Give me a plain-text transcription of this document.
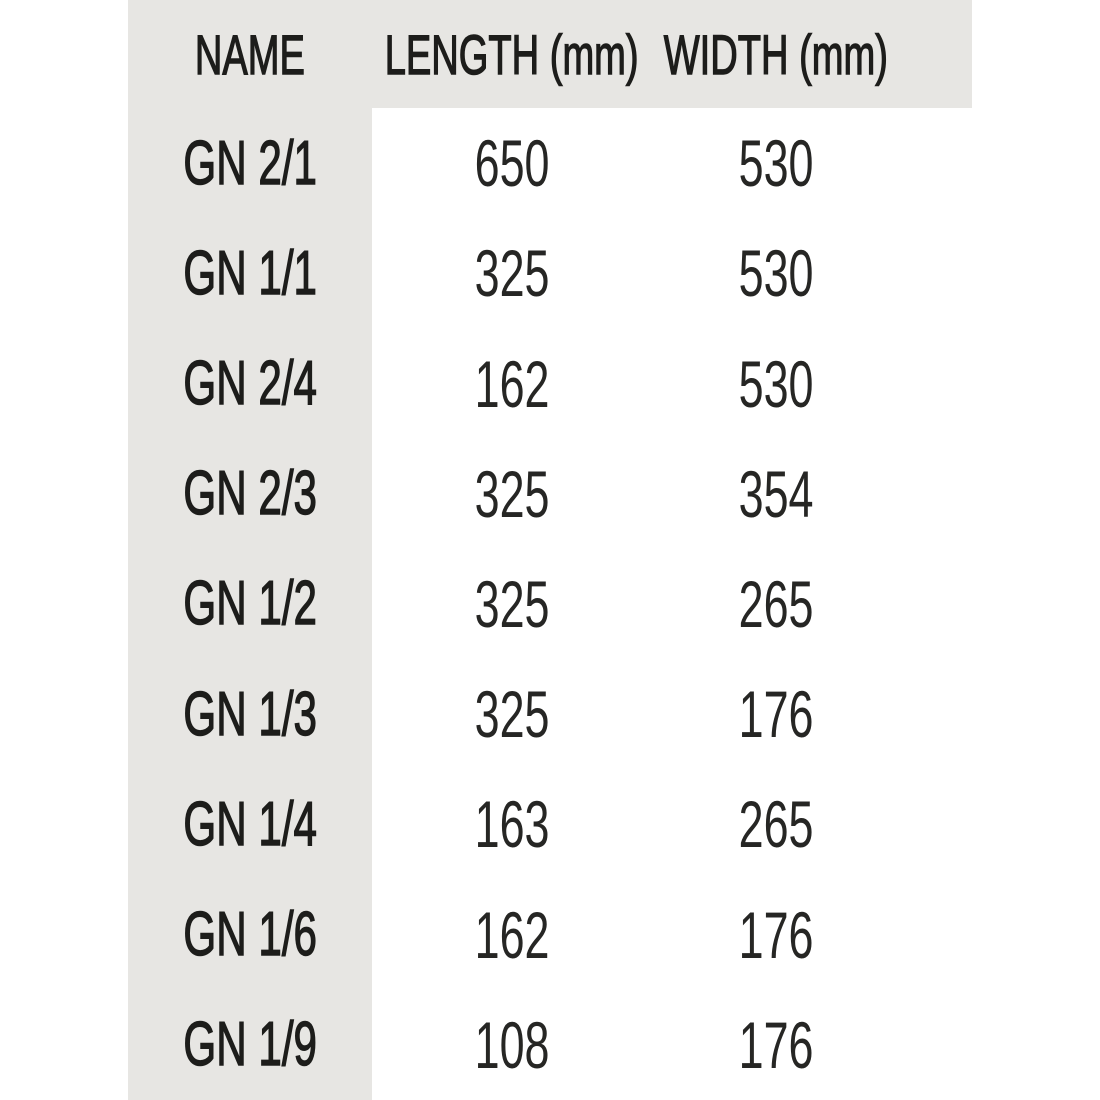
NAME LENGTH (mm) WIDTH (mm)
GN 2/1 650	530
GN 1/1 325	530
GN 2/4 162	530
GN 2/3 325	354
GN 1/2 325	265
GN 1/3 325	176
GN 1/4 163	265
GN 1/6 162	176
GN 1/9 108	176
